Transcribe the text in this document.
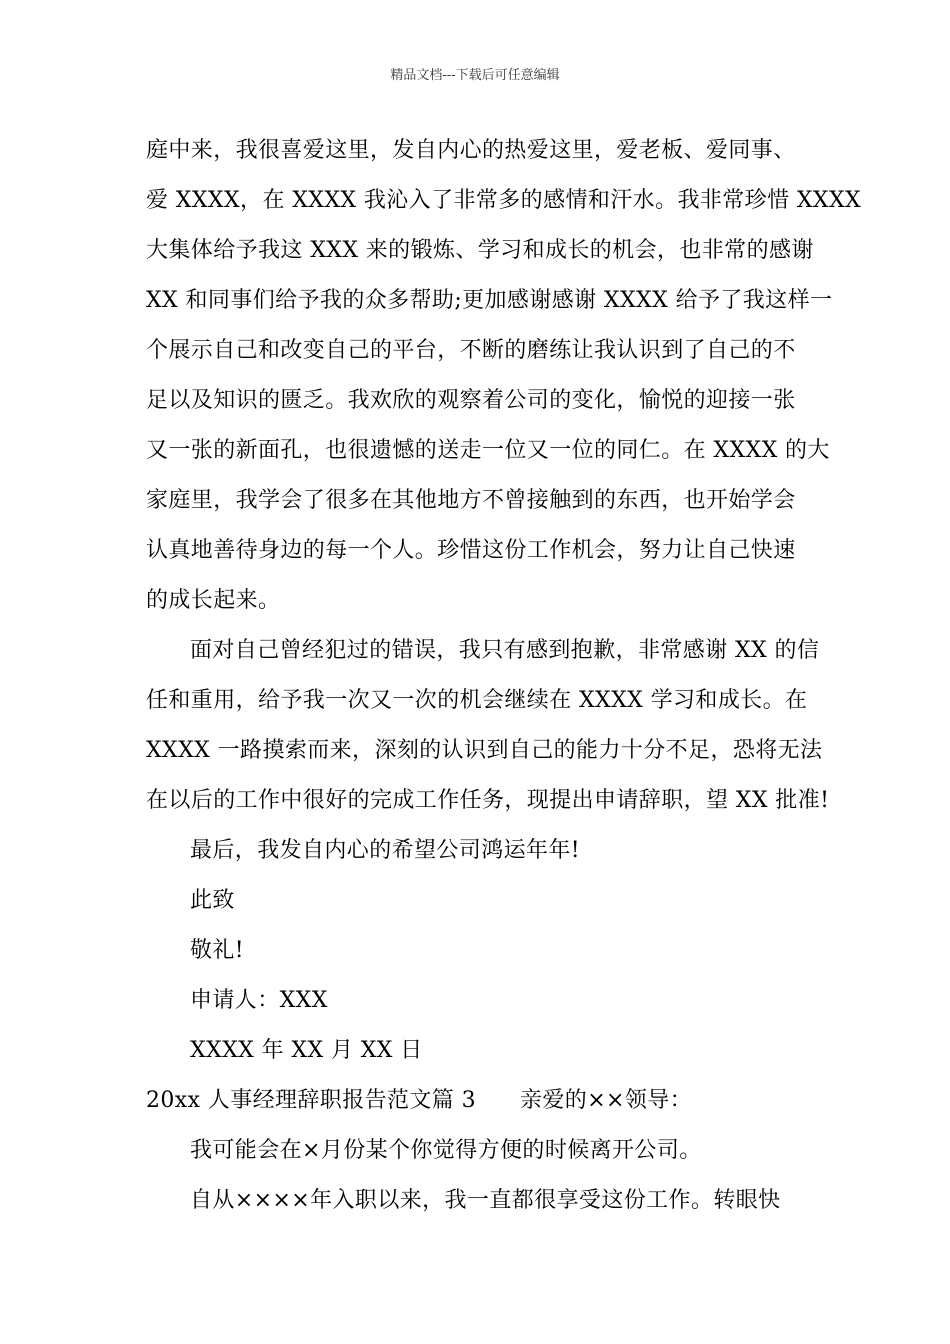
精品文档---下载后可任意编辑
庭中来，我很喜爱这里，发自内心的热爱这里，爱老板、爱同事、
爱 XXXX，在 XXXX 我沁入了非常多的感情和汗水。我非常珍惜 XXXX
大集体给予我这 XXX 来的锻炼、学习和成长的机会，也非常的感谢
XX 和同事们给予我的众多帮助;更加感谢感谢 XXXX 给予了我这样一
个展示自己和改变自己的平台，不断的磨练让我认识到了自己的不
足以及知识的匮乏。我欢欣的观察着公司的变化，愉悦的迎接一张
又一张的新面孔，也很遗憾的送走一位又一位的同仁。在 XXXX 的大
家庭里，我学会了很多在其他地方不曾接触到的东西，也开始学会
认真地善待身边的每一个人。珍惜这份工作机会，努力让自己快速
的成长起来。
面对自己曾经犯过的错误，我只有感到抱歉，非常感谢 XX 的信
任和重用，给予我一次又一次的机会继续在 XXXX 学习和成长。在
XXXX 一路摸索而来，深刻的认识到自己的能力十分不足，恐将无法
在以后的工作中很好的完成工作任务，现提出申请辞职，望 XX 批准!
最后，我发自内心的希望公司鸿运年年!
此致
敬礼!
申请人：XXX
XXXX 年 XX 月 XX 日
20xx 人事经理辞职报告范文篇 3 亲爱的××领导：
我可能会在×月份某个你觉得方便的时候离开公司。
自从××××年入职以来，我一直都很享受这份工作。转眼快
